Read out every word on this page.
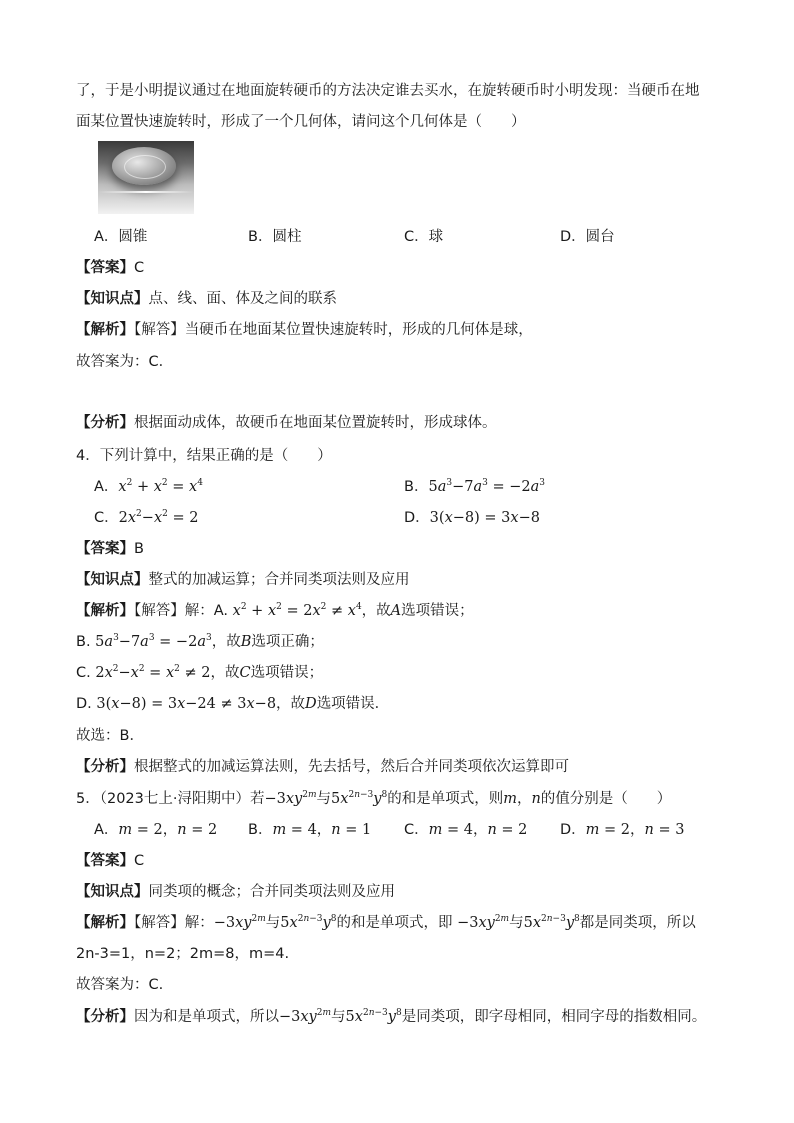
了，于是小明提议通过在地面旋转硬币的方法决定谁去买水，在旋转硬币时小明发现：当硬币在地
面某位置快速旋转时，形成了一个几何体，请问这个几何体是（　　）
A．圆锥	B．圆柱	C．球	D．圆台
【答案】C
【知识点】点、线、面、体及之间的联系
【解析】【解答】当硬币在地面某位置快速旋转时，形成的几何体是球，
故答案为：C．
【分析】根据面动成体，故硬币在地面某位置旋转时，形成球体。
4．下列计算中，结果正确的是（　　）
A．$x^2 + x^2 = x^4$	B．$5a^3-7a^3 = -2a^3$
C．$2x^2-x^2 = 2$	D．3(x−8) = 3x−8
【答案】B
【知识点】整式的加减运算；合并同类项法则及应用
【解析】【解答】解：A. $x^2 + x^2 = 2x^2 \ne x^4$，故A选项错误；
B. $5a^3-7a^3 = -2a^3$，故B选项正确；
C. $2x^2-x^2 = x^2 \ne 2$，故C选项错误；
D. 3(x−8) = 3x−24 ≠ 3x−8，故D选项错误．
故选：B．
【分析】根据整式的加减运算法则，先去括号，然后合并同类项依次运算即可
5．（2023七上·浔阳期中）若$-3xy^{2m}$与$5x^{2n-3}y^8$的和是单项式，则m，n的值分别是（　　）
A．m = 2，n = 2 B．m = 4，n = 1 C．m = 4，n = 2 D．m = 2，n = 3
【答案】C
【知识点】同类项的概念；合并同类项法则及应用
【解析】【解答】解：$-3xy^{2m}$与$5x^{2n-3}y^8$的和是单项式，即 $-3xy^{2m}$与$5x^{2n-3}y^8$都是同类项，所以
2n-3=1，n=2；2m=8，m=4.
故答案为：C.
【分析】因为和是单项式，所以$-3xy^{2m}$与$5x^{2n-3}y^8$是同类项，即字母相同，相同字母的指数相同。
